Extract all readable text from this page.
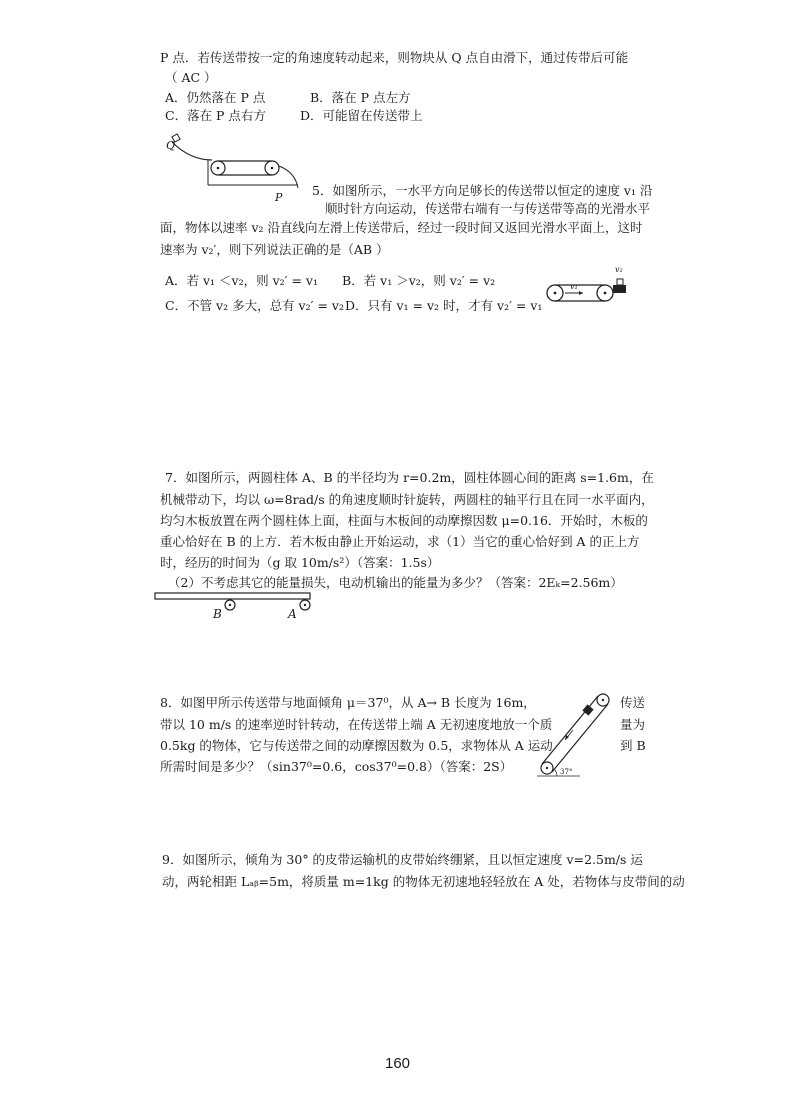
P 点．若传送带按一定的角速度转动起来，则物块从 Q 点自由滑下，通过传带后可能
（ AC ）
A．仍然落在 P 点	B．落在 P 点左方
C．落在 P 点右方	D．可能留在传送带上
Q
P 5．如图所示，一水平方向足够长的传送带以恒定的速度 v₁ 沿
顺时针方向运动，传送带右端有一与传送带等高的光滑水平
面，物体以速率 v₂ 沿直线向左滑上传送带后，经过一段时间又返回光滑水平面上，这时
速率为 v₂′，则下列说法正确的是（AB ）
A．若 v₁ ＜v₂，则 v₂′ = v₁ B．若 v₁ ＞v₂，则 v₂′ = v₂
C．不管 v₂ 多大，总有 v₂′ = v₂ D．只有 v₁ = v₂ 时，才有 v₂′ = v₁
v₁
v₂
7．如图所示，两圆柱体 A、B 的半径均为 r=0.2m，圆柱体圆心间的距离 s=1.6m，在
机械带动下，均以 ω=8rad/s 的角速度顺时针旋转，两圆柱的轴平行且在同一水平面内，
均匀木板放置在两个圆柱体上面，柱面与木板间的动摩擦因数 μ=0.16．开始时，木板的
重心恰好在 B 的上方．若木板由静止开始运动，求（1）当它的重心恰好到 A 的正上方
时，经历的时间为（g 取 10m/s²）（答案：1.5s）
（2）不考虑其它的能量损失，电动机输出的能量为多少？（答案：2Eₖ=2.56m）
B	A
8．如图甲所示传送带与地面倾角 μ＝37⁰，从 A→ B 长度为 16m，
带以 10 m/s 的速率逆时针转动，在传送带上端 A 无初速度地放一个质
0.5kg 的物体，它与传送带之间的动摩擦因数为 0.5，求物体从 A 运动
所需时间是多少？（sin37⁰=0.6，cos37⁰=0.8）（答案：2S）
传送
量为
到 B
37°
9．如图所示，倾角为 30° 的皮带运输机的皮带始终绷紧，且以恒定速度 v=2.5m/s 运
动，两轮相距 Lₐᵦ=5m，将质量 m=1kg 的物体无初速地轻轻放在 A 处，若物体与皮带间的动
160
